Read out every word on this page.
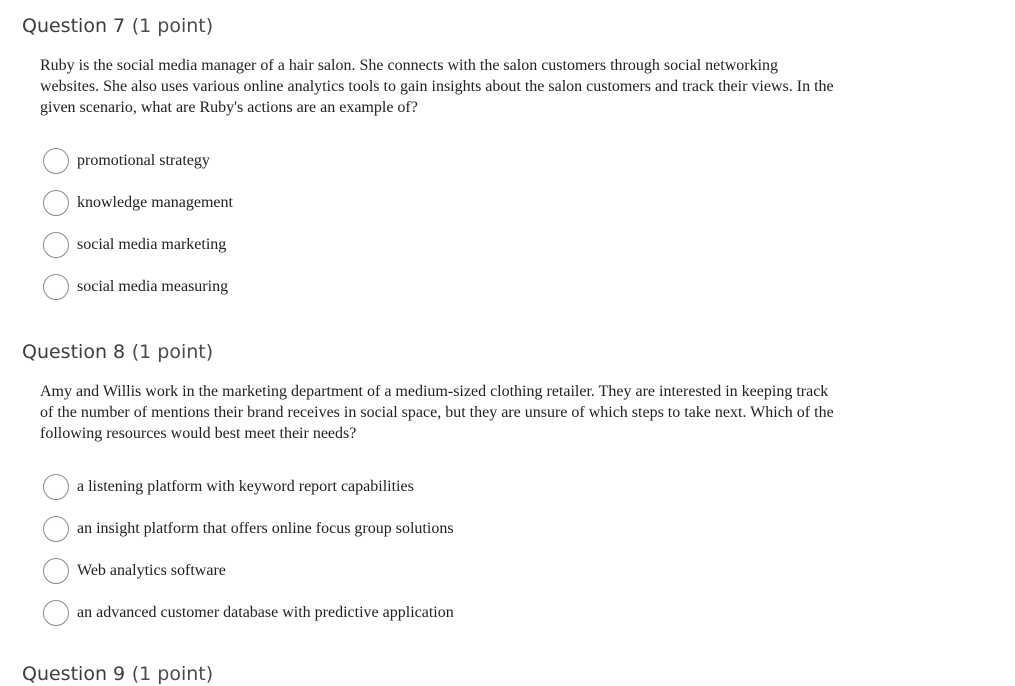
Question 7 (1 point)

Ruby is the social media manager of a hair salon. She connects with the salon customers through social networking websites. She also uses various online analytics tools to gain insights about the salon customers and track their views. In the given scenario, what are Ruby's actions are an example of?

promotional strategy
knowledge management
social media marketing
social media measuring
Question 8 (1 point)

Amy and Willis work in the marketing department of a medium-sized clothing retailer. They are interested in keeping track of the number of mentions their brand receives in social space, but they are unsure of which steps to take next. Which of the following resources would best meet their needs?

a listening platform with keyword report capabilities
an insight platform that offers online focus group solutions
Web analytics software
an advanced customer database with predictive application
Question 9 (1 point)
